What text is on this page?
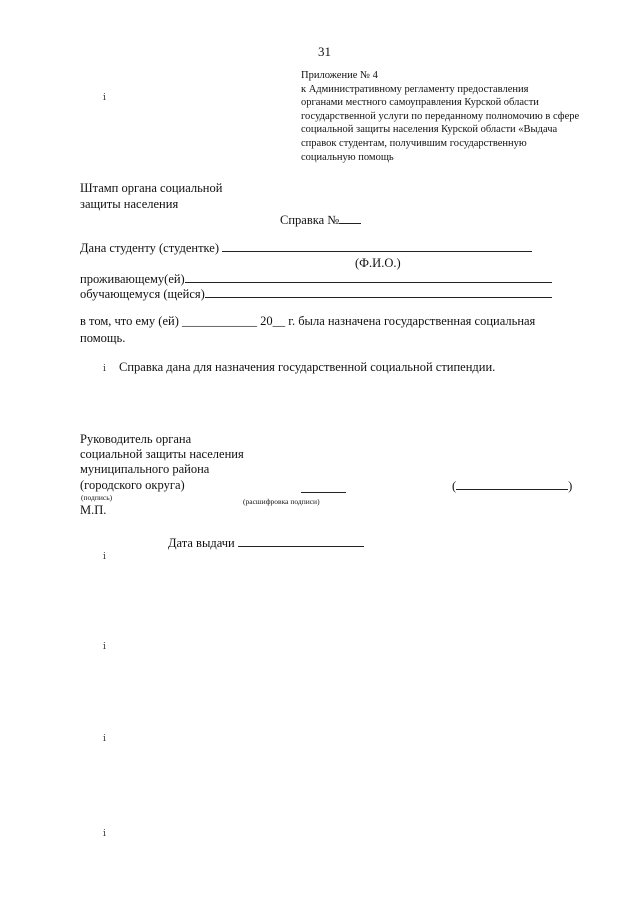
31
Приложение № 4
к Административному регламенту предоставления
органами местного самоуправления Курской области
государственной услуги по переданному полномочию в сфере
социальной защиты населения Курской области «Выдача
справок студентам, получившим государственную
социальную помощь
Штамп органа социальной
защиты населения
Справка №
Дана студенту (студентке)
(Ф.И.О.)
проживающему(ей)
обучающемуся (щейся)
в том, что ему (ей) ____________ 20__ г. была назначена государственная социальная помощь.
Справка дана для назначения государственной социальной стипендии.
Руководитель органа
социальной защиты населения
муниципального района
(городского округа)	(	)
(подпись)	(расшифровка подписи)
М.П.
Дата выдачи
ⅰ
ⅰ
ⅰ
ⅰ
ⅰ
ⅰ
